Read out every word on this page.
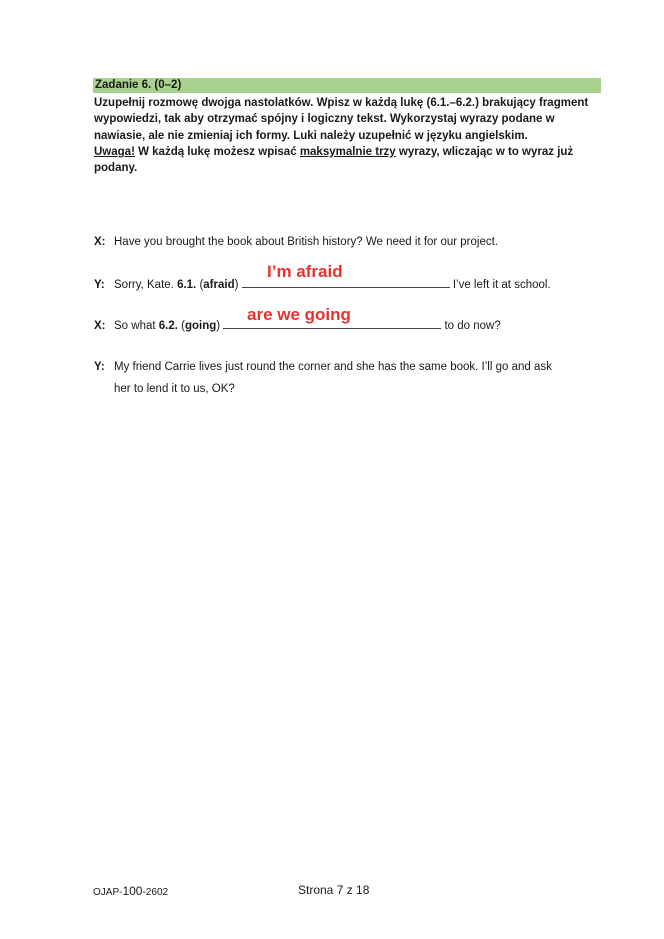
Zadanie 6. (0–2)
Uzupełnij rozmowę dwojga nastolatków. Wpisz w każdą lukę (6.1.–6.2.) brakujący fragment wypowiedzi, tak aby otrzymać spójny i logiczny tekst. Wykorzystaj wyrazy podane w nawiasie, ale nie zmieniaj ich formy. Luki należy uzupełnić w języku angielskim.
Uwaga! W każdą lukę możesz wpisać maksymalnie trzy wyrazy, wliczając w to wyraz już podany.
X: Have you brought the book about British history? We need it for our project.
Y: Sorry, Kate. 6.1. (afraid)	I’ve left it at school.
I’m afraid
X: So what 6.2. (going)	to do now?
are we going
Y: My friend Carrie lives just round the corner and she has the same book. I’ll go and ask
her to lend it to us, OK?
OJAP-100-2602	Strona 7 z 18
